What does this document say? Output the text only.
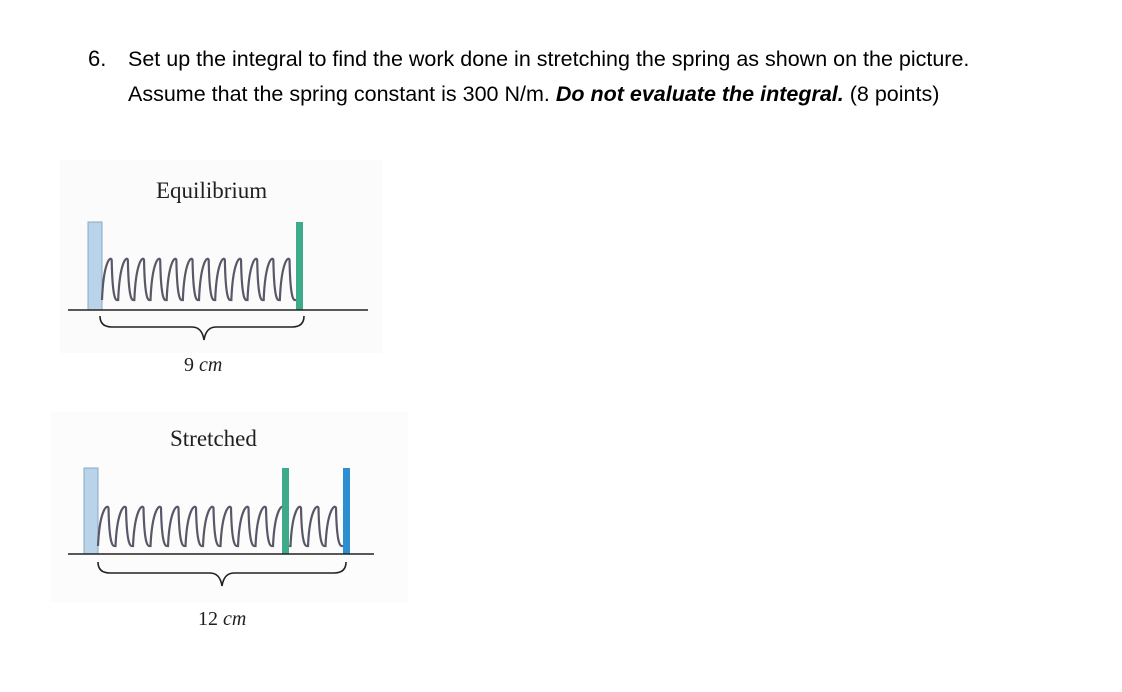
6. Set up the integral to find the work done in stretching the spring as shown on the picture.
Assume that the spring constant is 300 N/m. Do not evaluate the integral. (8 points)
Equilibrium
9 cm
Stretched
12 cm
